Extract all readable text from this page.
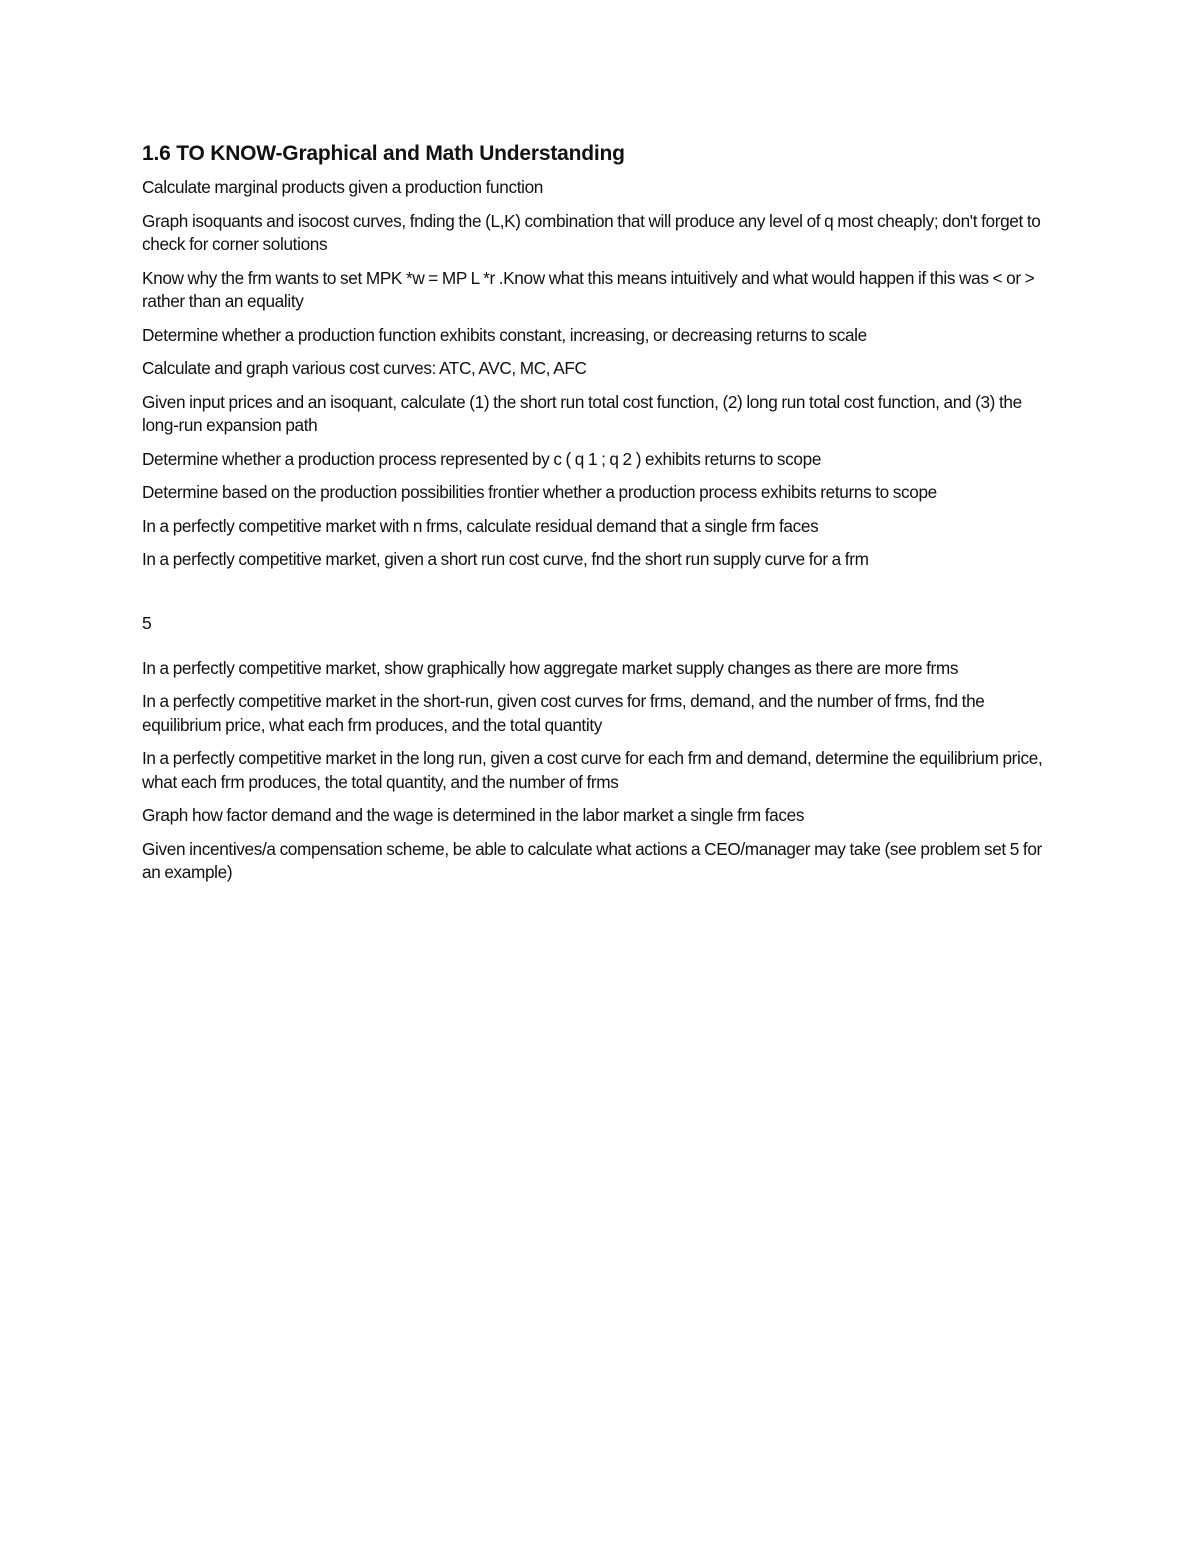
1.6 TO KNOW-Graphical and Math Understanding
Calculate marginal products given a production function
Graph isoquants and isocost curves, fnding the (L,K) combination that will produce any level of q most cheaply; don't forget to check for corner solutions
Know why the frm wants to set MPK *w = MP L *r .Know what this means intuitively and what would happen if this was < or > rather than an equality
Determine whether a production function exhibits constant, increasing, or decreasing returns to scale
Calculate and graph various cost curves: ATC, AVC, MC, AFC
Given input prices and an isoquant, calculate (1) the short run total cost function, (2) long run total cost function, and (3) the long-run expansion path
Determine whether a production process represented by c ( q 1 ; q 2 ) exhibits returns to scope
Determine based on the production possibilities frontier whether a production process exhibits returns to scope
In a perfectly competitive market with n frms, calculate residual demand that a single frm faces
In a perfectly competitive market, given a short run cost curve, fnd the short run supply curve for a frm
5
In a perfectly competitive market, show graphically how aggregate market supply changes as there are more frms
In a perfectly competitive market in the short-run, given cost curves for frms, demand, and the number of frms, fnd the equilibrium price, what each frm produces, and the total quantity
In a perfectly competitive market in the long run, given a cost curve for each frm and demand, determine the equilibrium price, what each frm produces, the total quantity, and the number of frms
Graph how factor demand and the wage is determined in the labor market a single frm faces
Given incentives/a compensation scheme, be able to calculate what actions a CEO/manager may take (see problem set 5 for an example)
